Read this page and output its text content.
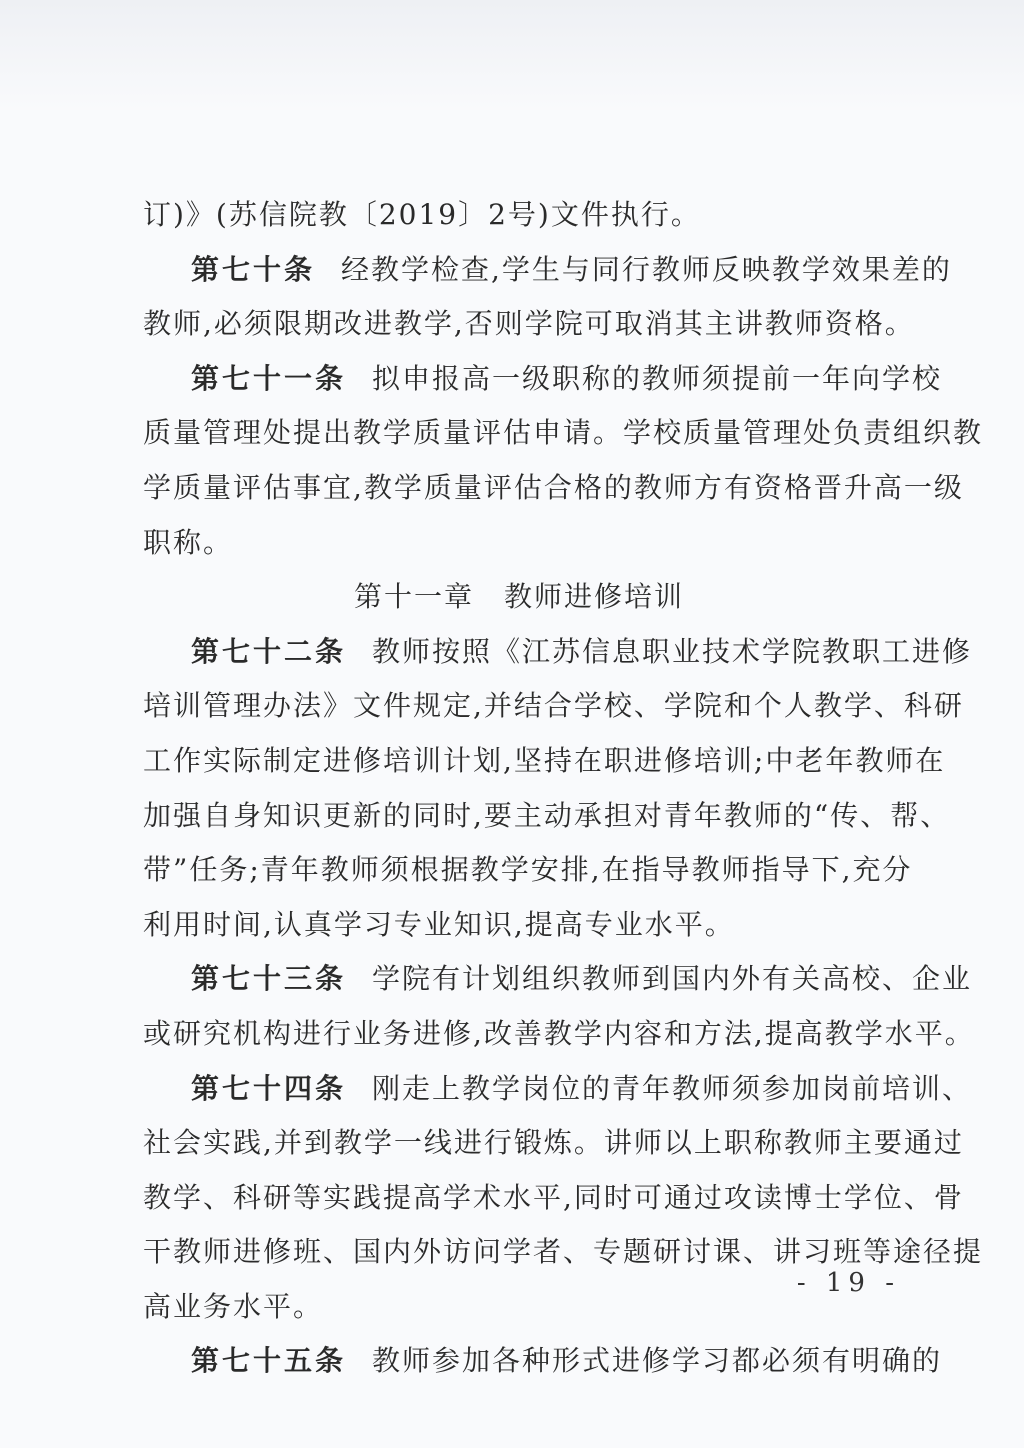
订)》(苏信院教〔2019〕2号)文件执行。
第七十条 经教学检查,学生与同行教师反映教学效果差的
教师,必须限期改进教学,否则学院可取消其主讲教师资格。
第七十一条 拟申报高一级职称的教师须提前一年向学校
质量管理处提出教学质量评估申请。学校质量管理处负责组织教
学质量评估事宜,教学质量评估合格的教师方有资格晋升高一级
职称。
第十一章 教师进修培训
第七十二条 教师按照《江苏信息职业技术学院教职工进修
培训管理办法》文件规定,并结合学校、学院和个人教学、科研
工作实际制定进修培训计划,坚持在职进修培训;中老年教师在
加强自身知识更新的同时,要主动承担对青年教师的“传、帮、
带”任务;青年教师须根据教学安排,在指导教师指导下,充分
利用时间,认真学习专业知识,提高专业水平。
第七十三条 学院有计划组织教师到国内外有关高校、企业
或研究机构进行业务进修,改善教学内容和方法,提高教学水平。
第七十四条 刚走上教学岗位的青年教师须参加岗前培训、
社会实践,并到教学一线进行锻炼。讲师以上职称教师主要通过
教学、科研等实践提高学术水平,同时可通过攻读博士学位、骨
干教师进修班、国内外访问学者、专题研讨课、讲习班等途径提
高业务水平。
第七十五条 教师参加各种形式进修学习都必须有明确的
- 19 -
